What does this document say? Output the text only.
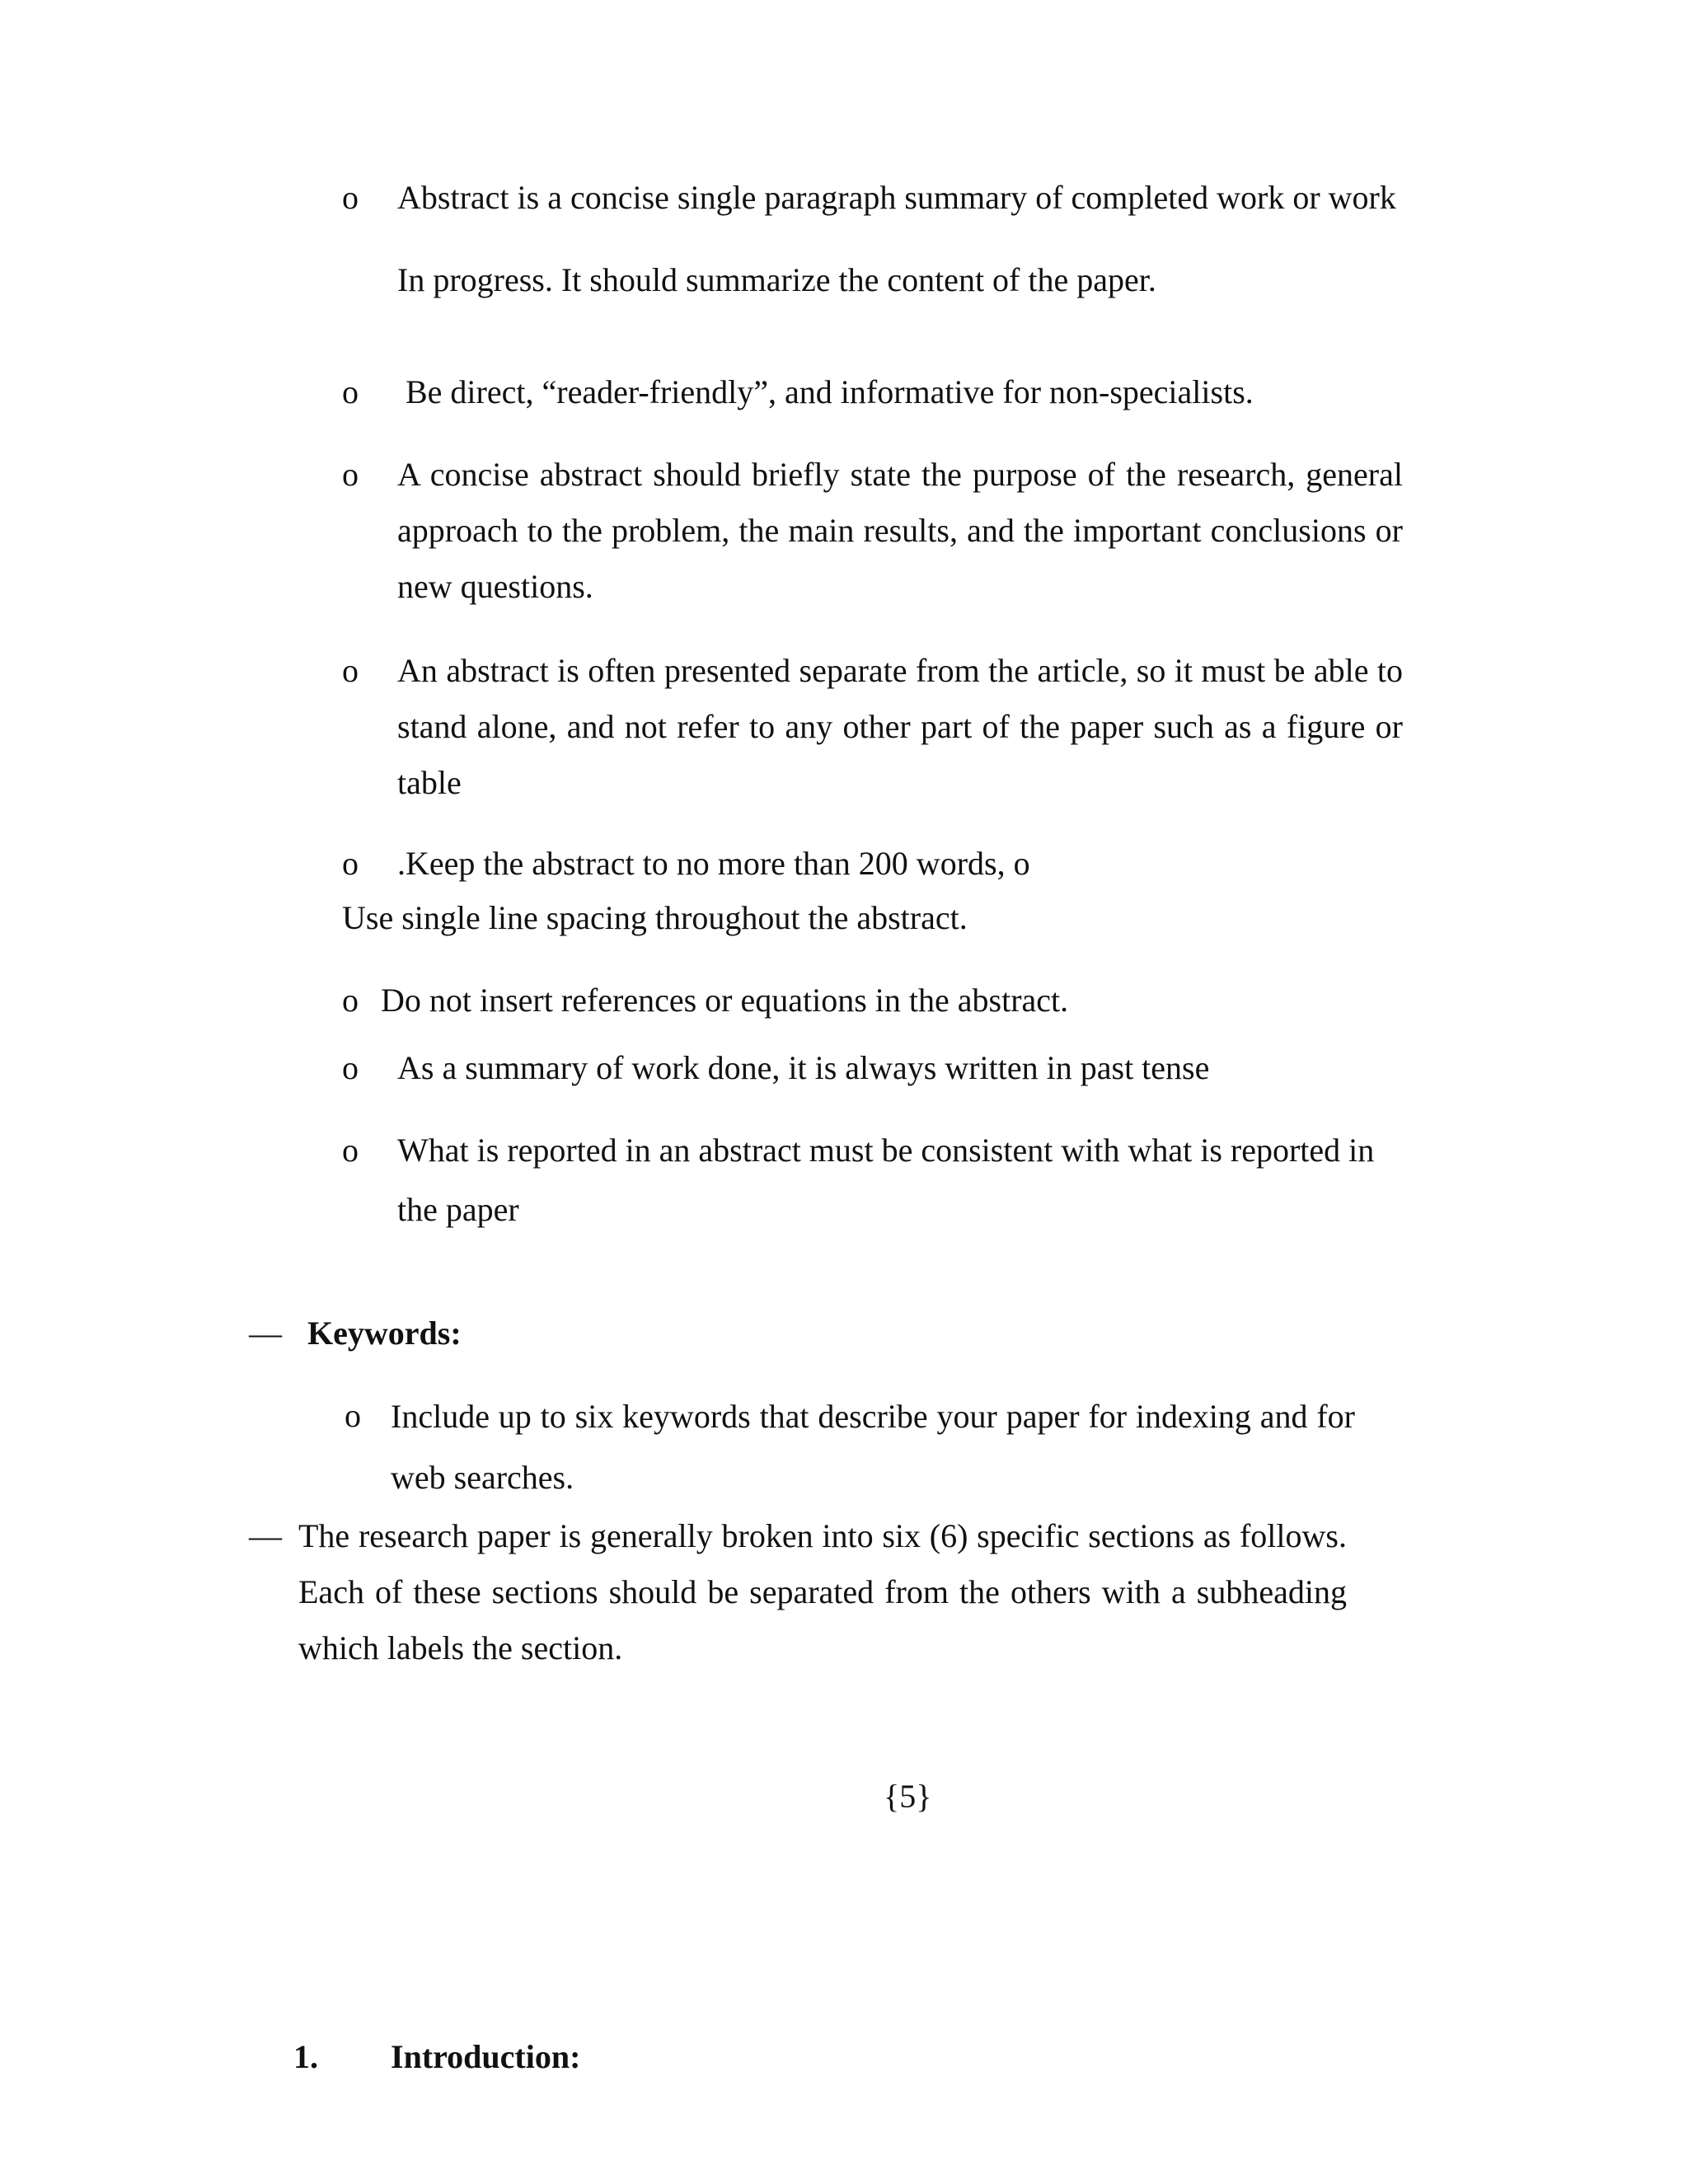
o Abstract is a concise single paragraph summary of completed work or work
In progress. It should summarize the content of the paper.
o Be direct, “reader-friendly”, and informative for non-specialists.
o A concise abstract should briefly state the purpose of the research, general approach to the problem, the main results, and the important conclusions or new questions.
o An abstract is often presented separate from the article, so it must be able to stand alone, and not refer to any other part of the paper such as a figure or table
o .Keep the abstract to no more than 200 words, o
Use single line spacing throughout the abstract.
o Do not insert references or equations in the abstract.
o As a summary of work done, it is always written in past tense
o What is reported in an abstract must be consistent with what is reported in
the paper
— Keywords:
o Include up to six keywords that describe your paper for indexing and for web searches.
— The research paper is generally broken into six (6) specific sections as follows. Each of these sections should be separated from the others with a subheading which labels the section.
{5}
1. Introduction:
